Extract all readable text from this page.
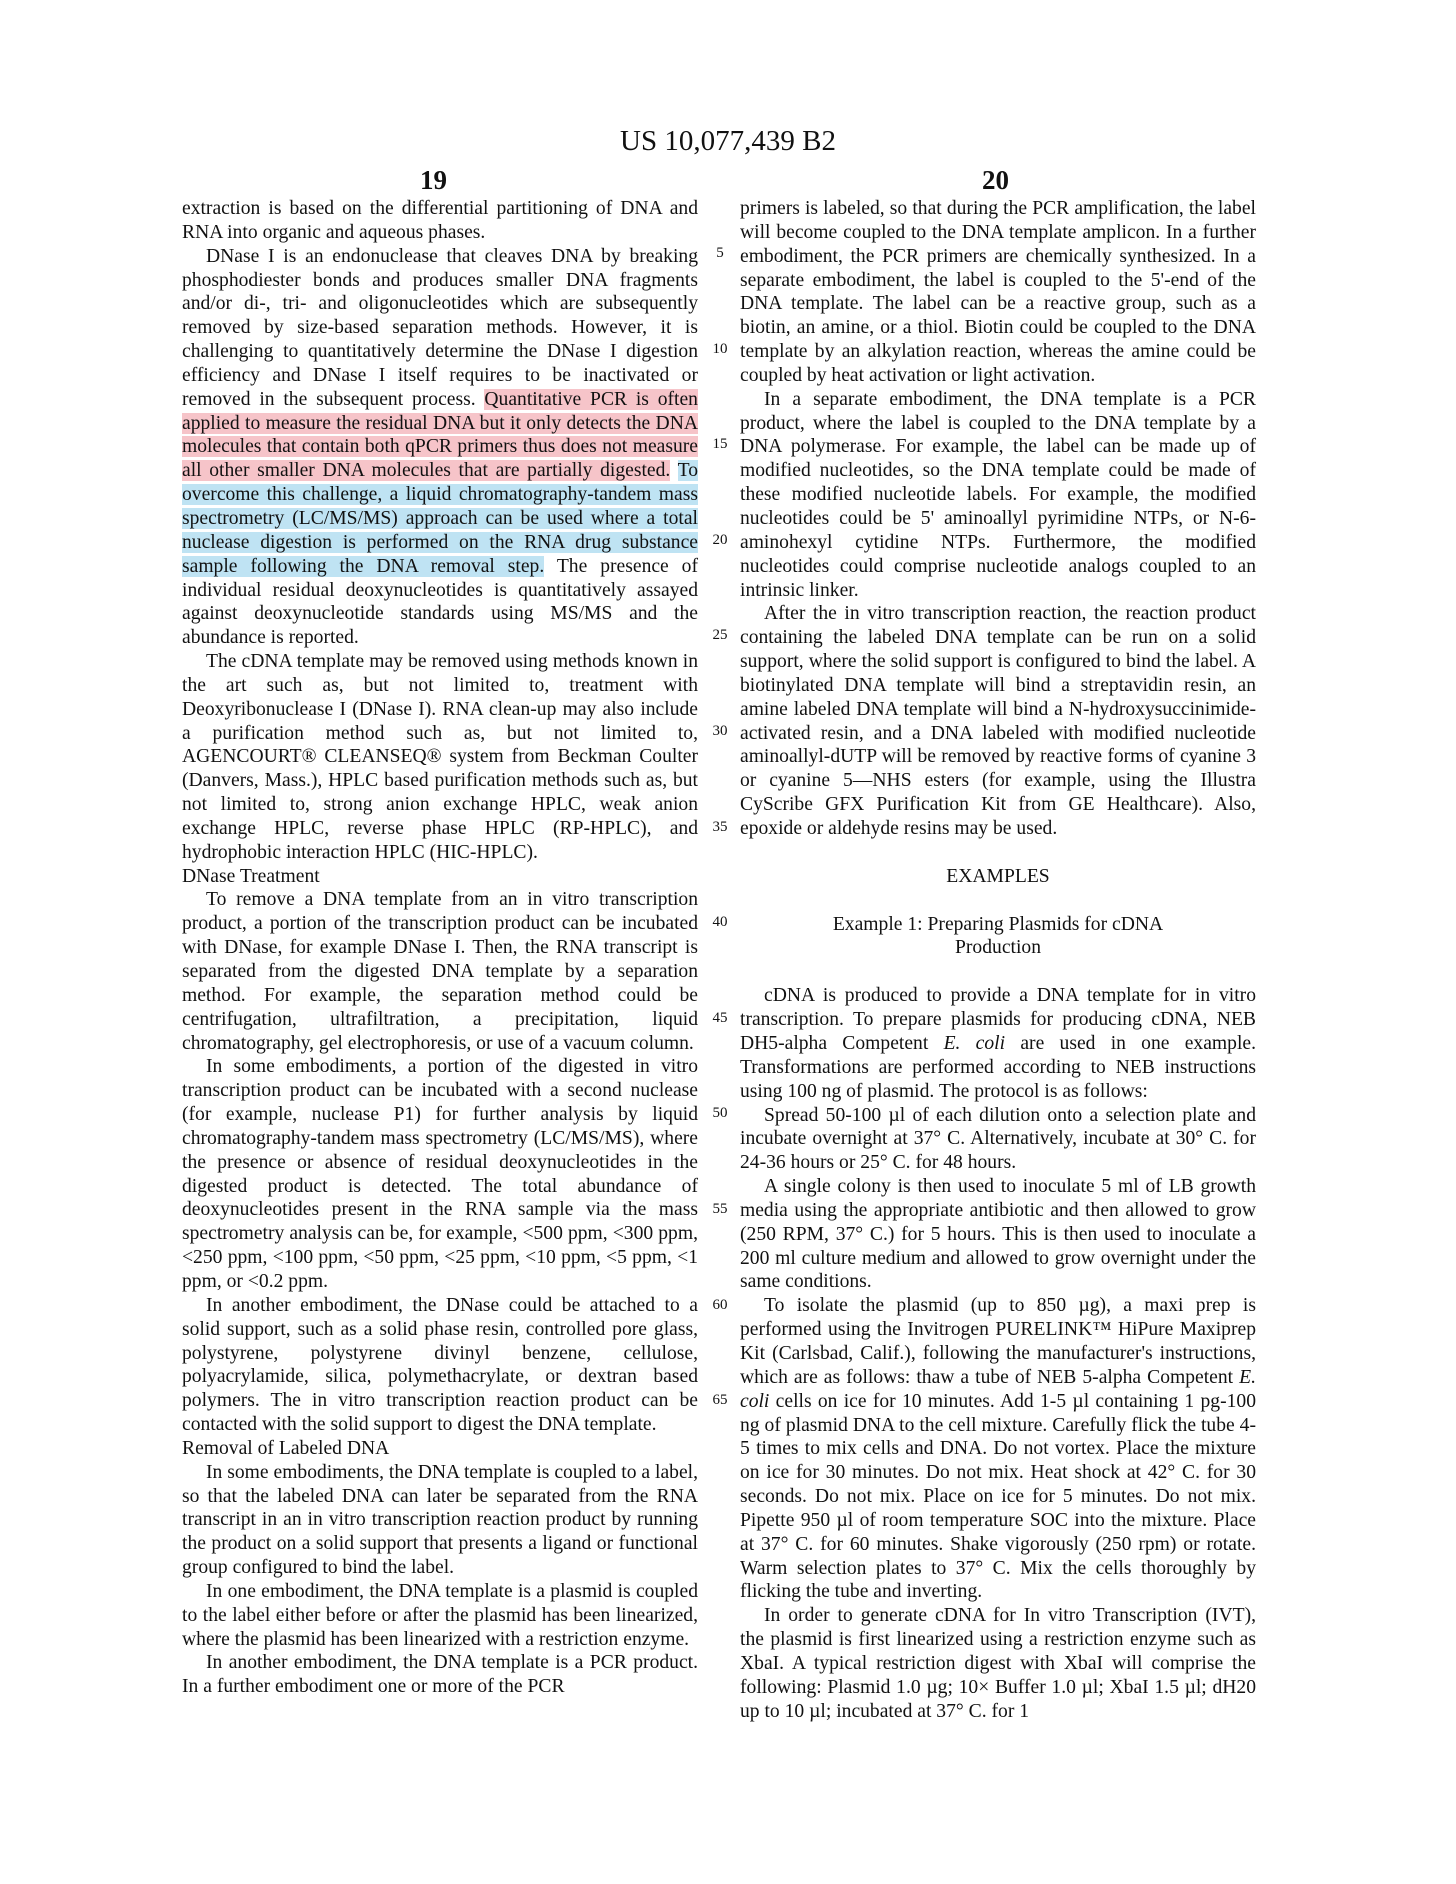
US 10,077,439 B2
19	20
5
10
15
20
25
30
35
40
45
50
55
60
65

extraction is based on the differential partitioning of DNA and RNA into organic and aqueous phases.

DNase I is an endonuclease that cleaves DNA by breaking phosphodiester bonds and produces smaller DNA fragments and/or di-, tri- and oligonucleotides which are subsequently removed by size-based separation methods. However, it is challenging to quantitatively determine the DNase I digestion efficiency and DNase I itself requires to be inactivated or removed in the subsequent process. Quantitative PCR is often applied to measure the residual DNA but it only detects the DNA molecules that contain both qPCR primers thus does not measure all other smaller DNA molecules that are partially digested. To overcome this challenge, a liquid chromatography-tandem mass spectrometry (LC/MS/MS) approach can be used where a total nuclease digestion is performed on the RNA drug substance sample following the DNA removal step. The presence of individual residual deoxynucleotides is quantitatively assayed against deoxynucleotide standards using MS/MS and the abundance is reported.

The cDNA template may be removed using methods known in the art such as, but not limited to, treatment with Deoxyribonuclease I (DNase I). RNA clean-up may also include a purification method such as, but not limited to, AGENCOURT® CLEANSEQ® system from Beckman Coulter (Danvers, Mass.), HPLC based purification methods such as, but not limited to, strong anion exchange HPLC, weak anion exchange HPLC, reverse phase HPLC (RP-HPLC), and hydrophobic interaction HPLC (HIC-HPLC).

DNase Treatment

To remove a DNA template from an in vitro transcription product, a portion of the transcription product can be incubated with DNase, for example DNase I. Then, the RNA transcript is separated from the digested DNA template by a separation method. For example, the separation method could be centrifugation, ultrafiltration, a precipitation, liquid chromatography, gel electrophoresis, or use of a vacuum column.

In some embodiments, a portion of the digested in vitro transcription product can be incubated with a second nuclease (for example, nuclease P1) for further analysis by liquid chromatography-tandem mass spectrometry (LC/MS/MS), where the presence or absence of residual deoxynucleotides in the digested product is detected. The total abundance of deoxynucleotides present in the RNA sample via the mass spectrometry analysis can be, for example, <500 ppm, <300 ppm, <250 ppm, <100 ppm, <50 ppm, <25 ppm, <10 ppm, <5 ppm, <1 ppm, or <0.2 ppm.

In another embodiment, the DNase could be attached to a solid support, such as a solid phase resin, controlled pore glass, polystyrene, polystyrene divinyl benzene, cellulose, polyacrylamide, silica, polymethacrylate, or dextran based polymers. The in vitro transcription reaction product can be contacted with the solid support to digest the DNA template.

Removal of Labeled DNA

In some embodiments, the DNA template is coupled to a label, so that the labeled DNA can later be separated from the RNA transcript in an in vitro transcription reaction product by running the product on a solid support that presents a ligand or functional group configured to bind the label.

In one embodiment, the DNA template is a plasmid is coupled to the label either before or after the plasmid has been linearized, where the plasmid has been linearized with a restriction enzyme.

In another embodiment, the DNA template is a PCR product. In a further embodiment one or more of the PCR

primers is labeled, so that during the PCR amplification, the label will become coupled to the DNA template amplicon. In a further embodiment, the PCR primers are chemically synthesized. In a separate embodiment, the label is coupled to the 5'-end of the DNA template. The label can be a reactive group, such as a biotin, an amine, or a thiol. Biotin could be coupled to the DNA template by an alkylation reaction, whereas the amine could be coupled by heat activation or light activation.

In a separate embodiment, the DNA template is a PCR product, where the label is coupled to the DNA template by a DNA polymerase. For example, the label can be made up of modified nucleotides, so the DNA template could be made of these modified nucleotide labels. For example, the modified nucleotides could be 5' aminoallyl pyrimidine NTPs, or N-6-aminohexyl cytidine NTPs. Furthermore, the modified nucleotides could comprise nucleotide analogs coupled to an intrinsic linker.

After the in vitro transcription reaction, the reaction product containing the labeled DNA template can be run on a solid support, where the solid support is configured to bind the label. A biotinylated DNA template will bind a streptavidin resin, an amine labeled DNA template will bind a N-hydroxysuccinimide-activated resin, and a DNA labeled with modified nucleotide aminoallyl-dUTP will be removed by reactive forms of cyanine 3 or cyanine 5—NHS esters (for example, using the Illustra CyScribe GFX Purification Kit from GE Healthcare). Also, epoxide or aldehyde resins may be used.

EXAMPLES
Example 1: Preparing Plasmids for cDNA
Production

cDNA is produced to provide a DNA template for in vitro transcription. To prepare plasmids for producing cDNA, NEB DH5-alpha Competent E. coli are used in one example. Transformations are performed according to NEB instructions using 100 ng of plasmid. The protocol is as follows:

Spread 50-100 µl of each dilution onto a selection plate and incubate overnight at 37° C. Alternatively, incubate at 30° C. for 24-36 hours or 25° C. for 48 hours.

A single colony is then used to inoculate 5 ml of LB growth media using the appropriate antibiotic and then allowed to grow (250 RPM, 37° C.) for 5 hours. This is then used to inoculate a 200 ml culture medium and allowed to grow overnight under the same conditions.

To isolate the plasmid (up to 850 µg), a maxi prep is performed using the Invitrogen PURELINK™ HiPure Maxiprep Kit (Carlsbad, Calif.), following the manufacturer's instructions, which are as follows: thaw a tube of NEB 5-alpha Competent E. coli cells on ice for 10 minutes. Add 1-5 µl containing 1 pg-100 ng of plasmid DNA to the cell mixture. Carefully flick the tube 4-5 times to mix cells and DNA. Do not vortex. Place the mixture on ice for 30 minutes. Do not mix. Heat shock at 42° C. for 30 seconds. Do not mix. Place on ice for 5 minutes. Do not mix. Pipette 950 µl of room temperature SOC into the mixture. Place at 37° C. for 60 minutes. Shake vigorously (250 rpm) or rotate. Warm selection plates to 37° C. Mix the cells thoroughly by flicking the tube and inverting.

In order to generate cDNA for In vitro Transcription (IVT), the plasmid is first linearized using a restriction enzyme such as XbaI. A typical restriction digest with XbaI will comprise the following: Plasmid 1.0 µg; 10× Buffer 1.0 µl; XbaI 1.5 µl; dH20 up to 10 µl; incubated at 37° C. for 1
